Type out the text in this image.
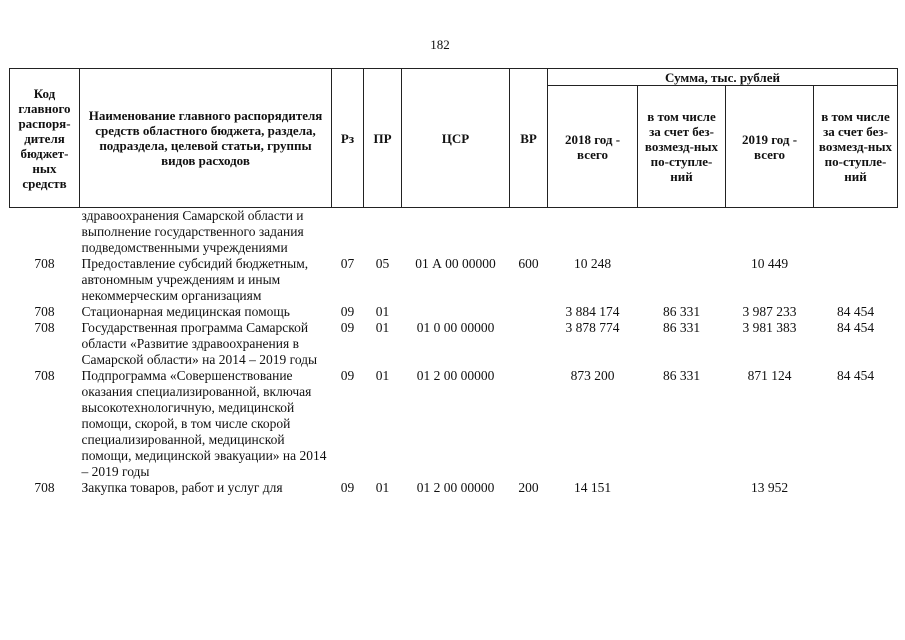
182
Код главного распоря-дителя бюджет-ных средств	Наименование главного распорядителя средств областного бюджета, раздела, подраздела, целевой статьи, группы видов расходов	Рз	ПР	ЦСР	ВР	Сумма, тыс. рублей			
						2018 год - всего	в том числе за счет без-возмезд-ных по-ступле-ний	2019 год - всего	в том числе за счет без-возмезд-ных по-ступле-ний
	здравоохранения Самарской области и выполнение государственного задания подведомственными учреждениями								
708	Предоставление субсидий бюджетным, автономным учреждениям и иным некоммерческим организациям	07	05	01 А 00 00000	600	10 248		10 449	
708	Стационарная медицинская помощь	09	01			3 884 174	86 331	3 987 233	84 454
708	Государственная программа Самарской области «Развитие здравоохранения в Самарской области» на 2014 – 2019 годы	09	01	01 0 00 00000		3 878 774	86 331	3 981 383	84 454
708	Подпрограмма «Совершенствование оказания специализированной, включая высокотехнологичную, медицинской помощи, скорой, в том числе скорой специализированной, медицинской помощи, медицинской эвакуации» на 2014 – 2019 годы	09	01	01 2 00 00000		873 200	86 331	871 124	84 454
708	Закупка товаров, работ и услуг для	09	01	01 2 00 00000	200	14 151		13 952	
